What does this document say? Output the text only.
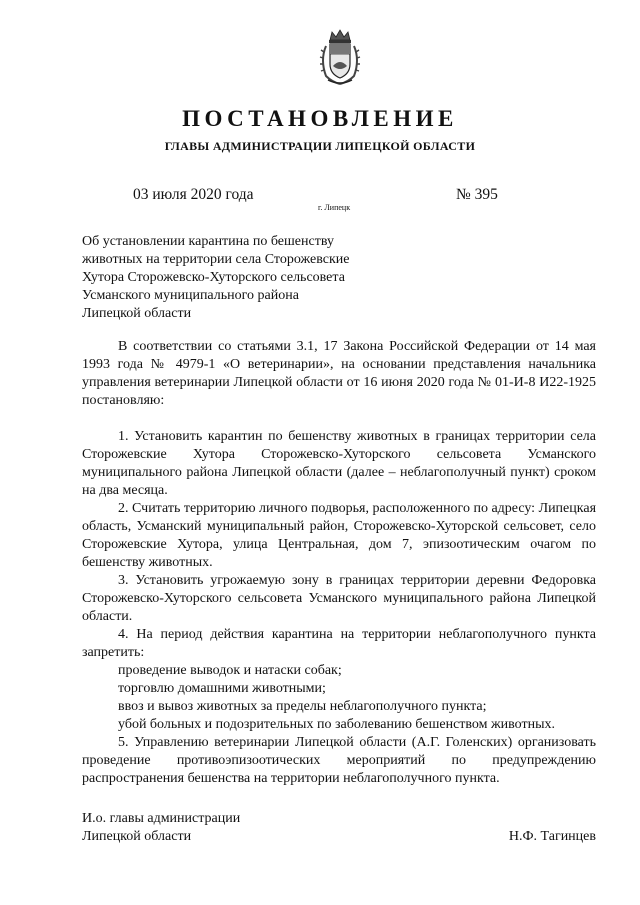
ПОСТАНОВЛЕНИЕ
ГЛАВЫ АДМИНИСТРАЦИИ ЛИПЕЦКОЙ ОБЛАСТИ
03 июля 2020 года
г. Липецк
№ 395
Об установлении карантина по бешенству
животных на территории села Сторожевские
Хутора Сторожевско-Хуторского сельсовета
Усманского муниципального района
Липецкой области

В соответствии со статьями 3.1, 17 Закона Российской Федерации от 14 мая 1993 года № 4979-1 «О ветеринарии», на основании представления начальника управления ветеринарии Липецкой области от 16 июня 2020 года № 01-И-8 И22-1925 постановляю:

1. Установить карантин по бешенству животных в границах территории села Сторожевские Хутора Сторожевско-Хуторского сельсовета Усманского муниципального района Липецкой области (далее – неблагополучный пункт) сроком на два месяца.

2. Считать территорию личного подворья, расположенного по адресу: Липецкая область, Усманский муниципальный район, Сторожевско-Хуторской сельсовет, село Сторожевские Хутора, улица Центральная, дом 7, эпизоотическим очагом по бешенству животных.

3. Установить угрожаемую зону в границах территории деревни Федоровка Сторожевско-Хуторского сельсовета Усманского муниципального района Липецкой области.

4. На период действия карантина на территории неблагополучного пункта запретить:

проведение выводок и натаски собак;

торговлю домашними животными;

ввоз и вывоз животных за пределы неблагополучного пункта;

убой больных и подозрительных по заболеванию бешенством животных.

5. Управлению ветеринарии Липецкой области (А.Г. Голенских) организовать проведение противоэпизоотических мероприятий по предупреждению распространения бешенства на территории неблагополучного пункта.

И.о. главы администрации
Липецкой области	Н.Ф. Тагинцев
